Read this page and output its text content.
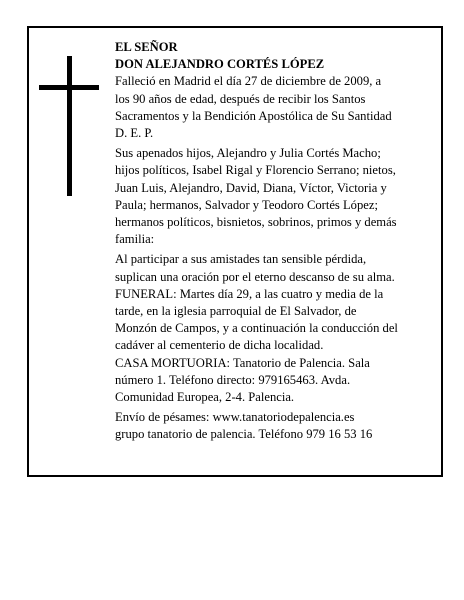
EL SEÑOR
DON ALEJANDRO CORTÉS LÓPEZ
Falleció en Madrid el día 27 de diciembre de 2009, a
los 90 años de edad, después de recibir los Santos
Sacramentos y la Bendición Apostólica de Su Santidad
D. E. P.
Sus apenados hijos, Alejandro y Julia Cortés Macho;
hijos políticos, Isabel Rigal y Florencio Serrano; nietos,
Juan Luis, Alejandro, David, Diana, Víctor, Victoria y
Paula; hermanos, Salvador y Teodoro Cortés López;
hermanos políticos, bisnietos, sobrinos, primos y demás
familia:
Al participar a sus amistades tan sensible pérdida,
suplican una oración por el eterno descanso de su alma.
FUNERAL: Martes día 29, a las cuatro y media de la
tarde, en la iglesia parroquial de El Salvador, de
Monzón de Campos, y a continuación la conducción del
cadáver al cementerio de dicha localidad.
CASA MORTUORIA: Tanatorio de Palencia. Sala
número 1. Teléfono directo: 979165463. Avda.
Comunidad Europea, 2-4. Palencia.
Envío de pésames: www.tanatoriodepalencia.es
grupo tanatorio de palencia. Teléfono 979 16 53 16
